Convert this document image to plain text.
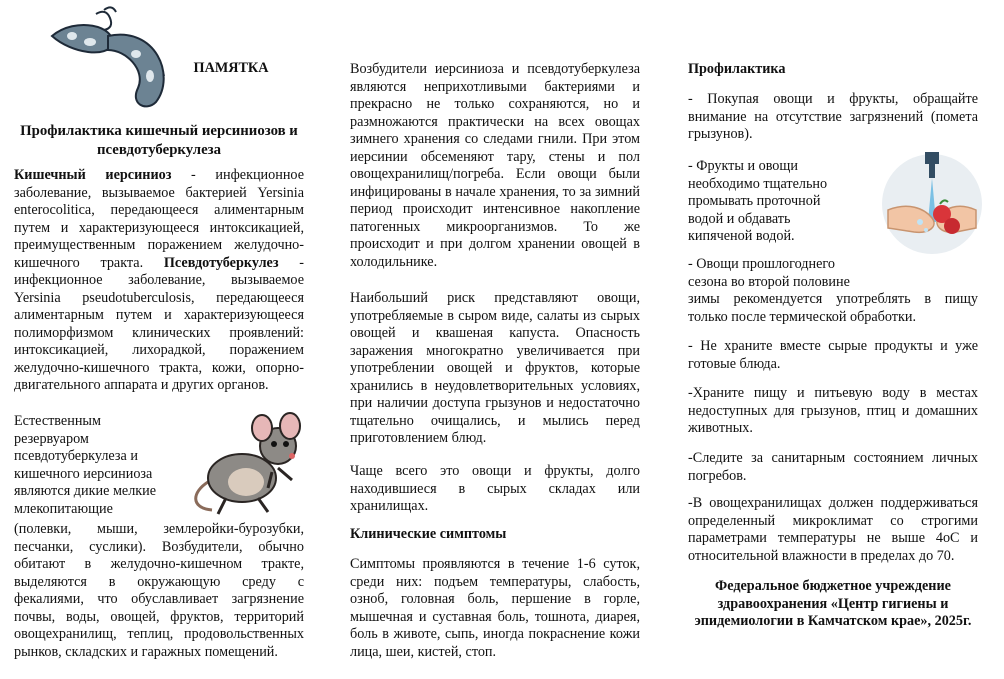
ПАМЯТКА

Профилактика кишечный иерсиниозов и псевдотуберкулеза

Кишечный иерсиниоз - инфекционное заболевание, вызываемое бактерией Yersinia enterocolitica, передающееся алиментарным путем и характеризующееся интоксикацией, преимущественным поражением желудочно-кишечного тракта. Псевдотуберкулез - инфекционное заболевание, вызываемое Yersinia pseudotuberculosis, передающееся алиментарным путем и характеризующееся полиморфизмом клинических проявлений: интоксикацией, лихорадкой, поражением желудочно-кишечного тракта, кожи, опорно-двигательного аппарата и других органов.

Естественным
резервуаром
псевдотуберкулеза и
кишечного иерсиниоза
являются дикие мелкие
млекопитающие

(полевки, мыши, землеройки-бурозубки, песчанки, суслики). Возбудители, обычно обитают в желудочно-кишечном тракте, выделяются в окружающую среду с фекалиями, что обуславливает загрязнение почвы, воды, овощей, фруктов, территорий овощехранилищ, теплиц, продовольственных рынков, складских и гаражных помещений.

Возбудители иерсиниоза и псевдотуберкулеза являются неприхотливыми бактериями и прекрасно не только сохраняются, но и размножаются практически на всех овощах зимнего хранения со следами гнили. При этом иерсинии обсеменяют тару, стены и пол овощехранилищ/погреба. Если овощи были инфицированы в начале хранения, то за зимний период происходит интенсивное накопление патогенных микроорганизмов. То же происходит и при долгом хранении овощей в холодильнике.

Наибольший риск представляют овощи, употребляемые в сыром виде, салаты из сырых овощей и квашеная капуста. Опасность заражения многократно увеличивается при употреблении овощей и фруктов, которые хранились в неудовлетворительных условиях, при наличии доступа грызунов и недостаточно тщательно очищались, и мылись перед приготовлением блюд.

Чаще всего это овощи и фрукты, долго находившиеся в сырых складах или хранилищах.

Клинические симптомы

Симптомы проявляются в течение 1-6 суток, среди них: подъем температуры, слабость, озноб, головная боль, першение в горле, мышечная и суставная боль, тошнота, диарея, боль в животе, сыпь, иногда покраснение кожи лица, шеи, кистей, стоп.

Профилактика

- Покупая овощи и фрукты, обращайте внимание на отсутствие загрязнений (помета грызунов).

- Фрукты и овощи
необходимо тщательно
промывать проточной
водой и обдавать
кипяченой водой.
- Овощи прошлогоднего
сезона во второй половине
зимы рекомендуется употреблять в пищу только после термической обработки.

- Не храните вместе сырые продукты и уже готовые блюда.

-Храните пищу и питьевую воду в местах недоступных для грызунов, птиц и домашних животных.

-Следите за санитарным состоянием личных погребов.

-В овощехранилищах должен поддерживаться определенный микроклимат со строгими параметрами температуры не выше 4оС и относительной влажности в пределах до 70.

Федеральное бюджетное учреждение здравоохранения «Центр гигиены и эпидемиологии в Камчатском крае», 2025г.
